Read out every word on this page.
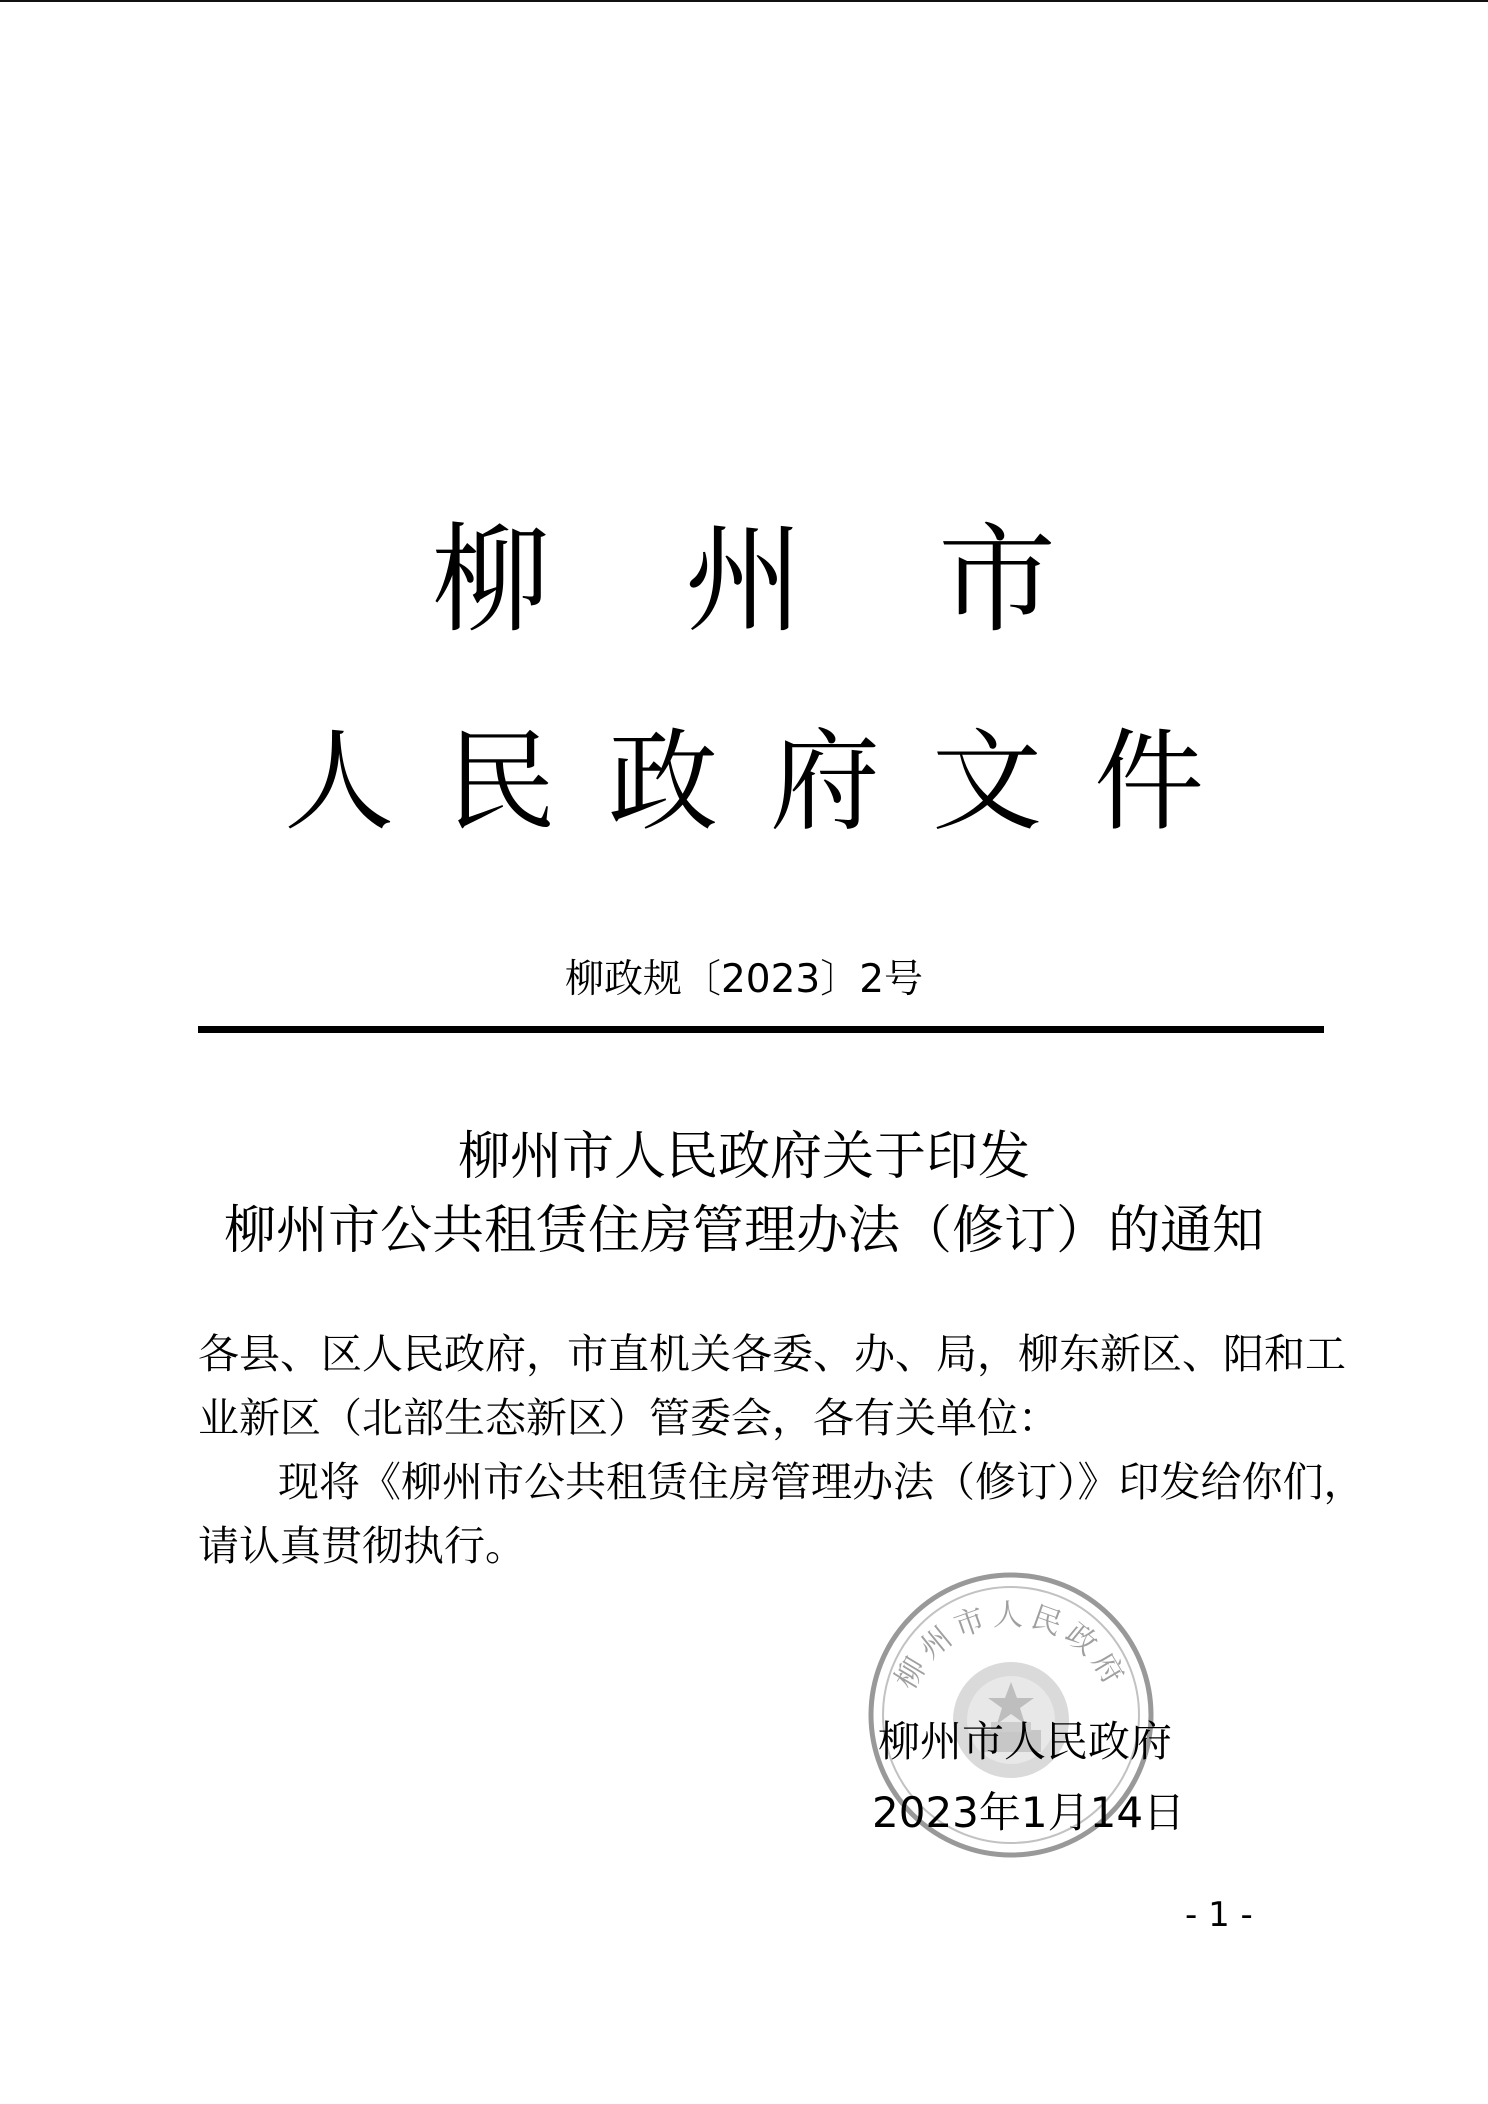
柳州市
人民政府文件
柳政规〔2023〕2号
柳州市人民政府关于印发
柳州市公共租赁住房管理办法（修订）的通知

各县、区人民政府，市直机关各委、办、局，柳东新区、阳和工

业新区（北部生态新区）管委会，各有关单位：

现将《柳州市公共租赁住房管理办法（修订）》印发给你们，

请认真贯彻执行。

柳州市人民政府
柳州市人民政府
2023年1月14日
- 1 -
